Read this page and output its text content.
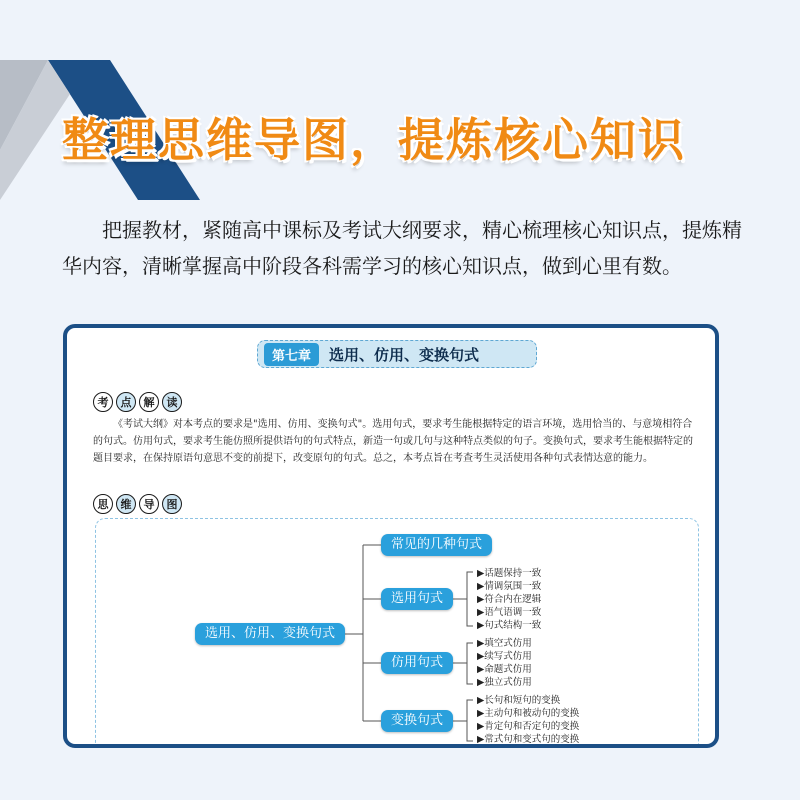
整理思维导图，提炼核心知识

把握教材，紧随高中课标及考试大纲要求，精心梳理核心知识点，提炼精华内容，清晰掌握高中阶段各科需学习的核心知识点，做到心里有数。

第七章	选用、仿用、变换句式
考	点	解	读

《考试大纲》对本考点的要求是"选用、仿用、变换句式"。选用句式，要求考生能根据特定的语言环境，选用恰当的、与意境相符合的句式。仿用句式，要求考生能仿照所提供语句的句式特点，新造一句或几句与这种特点类似的句子。变换句式，要求考生能根据特定的题目要求，在保持原语句意思不变的前提下，改变原句的句式。总之，本考点旨在考查考生灵活使用各种句式表情达意的能力。

思	维	导	图
选用、仿用、变换句式
常见的几种句式
选用句式
仿用句式
变换句式
▶话题保持一致
▶情调氛围一致
▶符合内在逻辑
▶语气语调一致
▶句式结构一致
▶填空式仿用
▶续写式仿用
▶命题式仿用
▶独立式仿用
▶长句和短句的变换
▶主动句和被动句的变换
▶肯定句和否定句的变换
▶常式句和变式句的变换
